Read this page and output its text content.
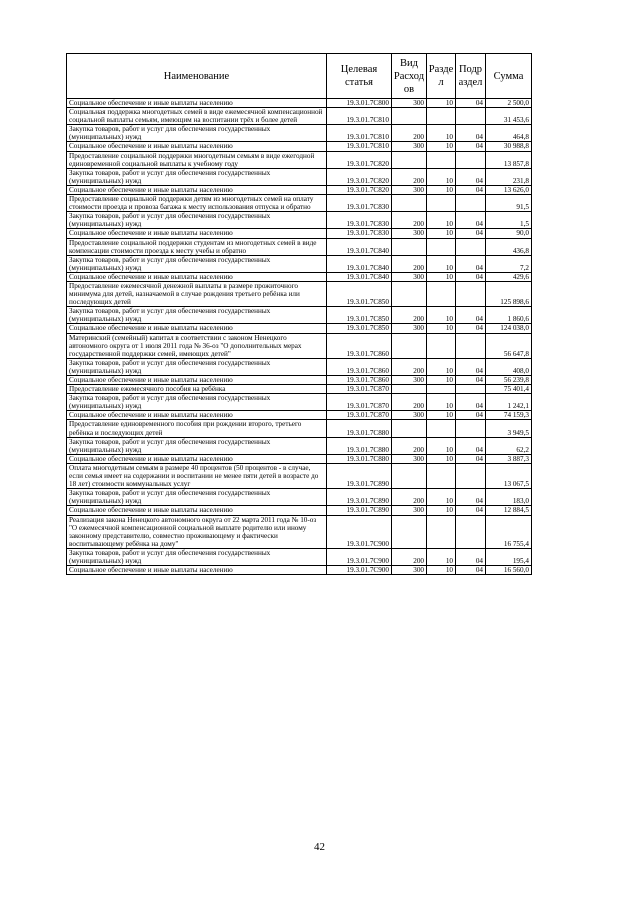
Наименование	Целевая статья	Вид Расход ов	Разде л	Подр аздел	Сумма
Социальное обеспечение и иные выплаты населению	19.3.01.7С800	300	10	04	2 500,0
Социальная поддержка многодетных семей в виде ежемесячной компенсационной социальной выплаты семьям, имеющим на воспитании трёх и более детей	19.3.01.7С810				31 453,6
Закупка товаров, работ и услуг для обеспечения государственных (муниципальных) нужд	19.3.01.7С810	200	10	04	464,8
Социальное обеспечение и иные выплаты населению	19.3.01.7С810	300	10	04	30 988,8
Предоставление социальной поддержки многодетным семьям в виде ежегодной единовременной социальной выплаты к учебному году	19.3.01.7С820				13 857,8
Закупка товаров, работ и услуг для обеспечения государственных (муниципальных) нужд	19.3.01.7С820	200	10	04	231,8
Социальное обеспечение и иные выплаты населению	19.3.01.7С820	300	10	04	13 626,0
Предоставление социальной поддержки детям из многодетных семей на оплату стоимости проезда и провоза багажа к месту использования отпуска и обратно	19.3.01.7С830				91,5
Закупка товаров, работ и услуг для обеспечения государственных (муниципальных) нужд	19.3.01.7С830	200	10	04	1,5
Социальное обеспечение и иные выплаты населению	19.3.01.7С830	300	10	04	90,0
Предоставление социальной поддержки студентам из многодетных семей в виде компенсации стоимости проезда к месту учебы и обратно	19.3.01.7С840				436,8
Закупка товаров, работ и услуг для обеспечения государственных (муниципальных) нужд	19.3.01.7С840	200	10	04	7,2
Социальное обеспечение и иные выплаты населению	19.3.01.7С840	300	10	04	429,6
Предоставление ежемесячной денежной выплаты в размере прожиточного минимума для детей, назначаемой в случае рождения третьего ребёнка или последующих детей	19.3.01.7С850				125 898,6
Закупка товаров, работ и услуг для обеспечения государственных (муниципальных) нужд	19.3.01.7С850	200	10	04	1 860,6
Социальное обеспечение и иные выплаты населению	19.3.01.7С850	300	10	04	124 038,0
Материнский (семейный) капитал в соответствии с законом Ненецкого автономного округа от 1 июля 2011 года № 36-оз "О дополнительных мерах государственной поддержки семей, имеющих детей"	19.3.01.7С860				56 647,8
Закупка товаров, работ и услуг для обеспечения государственных (муниципальных) нужд	19.3.01.7С860	200	10	04	408,0
Социальное обеспечение и иные выплаты населению	19.3.01.7С860	300	10	04	56 239,8
Предоставление ежемесячного пособия на ребёнка	19.3.01.7С870				75 401,4
Закупка товаров, работ и услуг для обеспечения государственных (муниципальных) нужд	19.3.01.7С870	200	10	04	1 242,1
Социальное обеспечение и иные выплаты населению	19.3.01.7С870	300	10	04	74 159,3
Предоставление единовременного пособия при рождении второго, третьего ребёнка и последующих детей	19.3.01.7С880				3 949,5
Закупка товаров, работ и услуг для обеспечения государственных (муниципальных) нужд	19.3.01.7С880	200	10	04	62,2
Социальное обеспечение и иные выплаты населению	19.3.01.7С880	300	10	04	3 887,3
Оплата многодетным семьям в размере 40 процентов (50 процентов - в случае, если семья имеет на содержании и воспитании не менее пяти детей в возрасте до 18 лет) стоимости коммунальных услуг	19.3.01.7С890				13 067,5
Закупка товаров, работ и услуг для обеспечения государственных (муниципальных) нужд	19.3.01.7С890	200	10	04	183,0
Социальное обеспечение и иные выплаты населению	19.3.01.7С890	300	10	04	12 884,5
Реализация закона Ненецкого автономного округа от 22 марта 2011 года № 10-оз "О ежемесячной компенсационной социальной выплате родителю или иному законному представителю, совместно проживающему и фактически воспитывающему ребёнка на дому"	19.3.01.7С900				16 755,4
Закупка товаров, работ и услуг для обеспечения государственных (муниципальных) нужд	19.3.01.7С900	200	10	04	195,4
Социальное обеспечение и иные выплаты населению	19.3.01.7С900	300	10	04	16 560,0
42
